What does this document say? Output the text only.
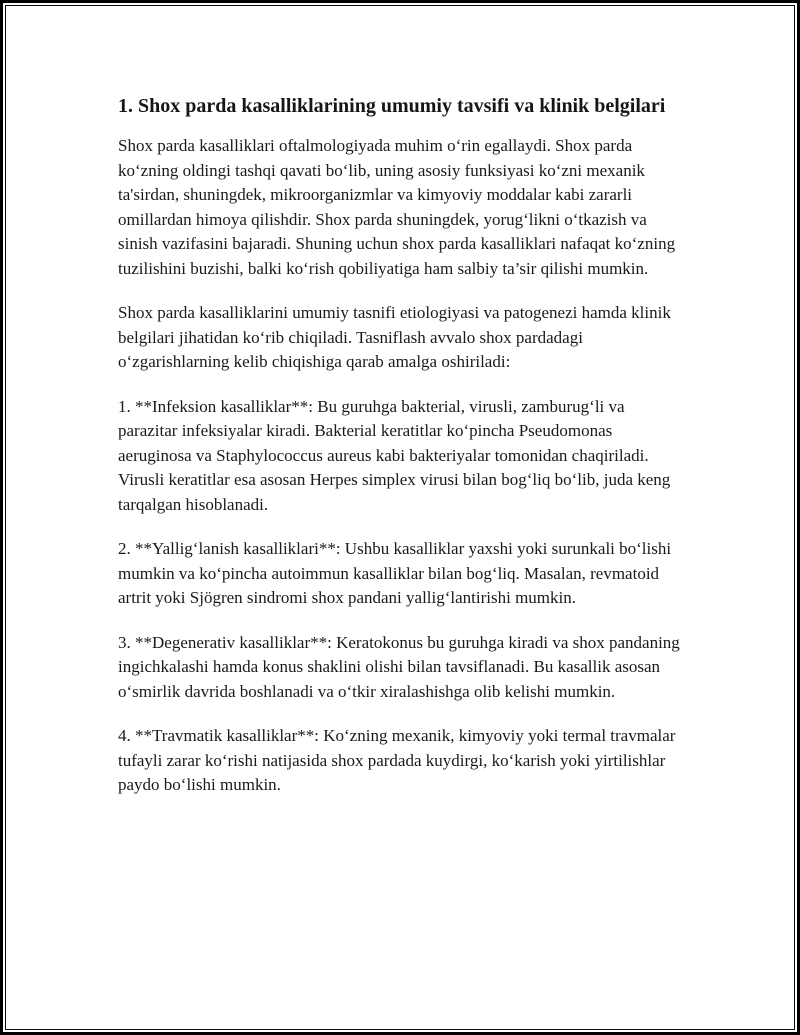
1. Shox parda kasalliklarining umumiy tavsifi va klinik belgilari

Shox parda kasalliklari oftalmologiyada muhim o‘rin egallaydi. Shox parda ko‘zning oldingi tashqi qavati bo‘lib, uning asosiy funksiyasi ko‘zni mexanik ta'sirdan, shuningdek, mikroorganizmlar va kimyoviy moddalar kabi zararli omillardan himoya qilishdir. Shox parda shuningdek, yorug‘likni o‘tkazish va sinish vazifasini bajaradi. Shuning uchun shox parda kasalliklari nafaqat ko‘zning tuzilishini buzishi, balki ko‘rish qobiliyatiga ham salbiy ta’sir qilishi mumkin.

Shox parda kasalliklarini umumiy tasnifi etiologiyasi va patogenezi hamda klinik belgilari jihatidan ko‘rib chiqiladi. Tasniflash avvalo shox pardadagi o‘zgarishlarning kelib chiqishiga qarab amalga oshiriladi:

1. **Infeksion kasalliklar**: Bu guruhga bakterial, virusli, zamburug‘li va parazitar infeksiyalar kiradi. Bakterial keratitlar ko‘pincha Pseudomonas aeruginosa va Staphylococcus aureus kabi bakteriyalar tomonidan chaqiriladi. Virusli keratitlar esa asosan Herpes simplex virusi bilan bog‘liq bo‘lib, juda keng tarqalgan hisoblanadi.

2. **Yallig‘lanish kasalliklari**: Ushbu kasalliklar yaxshi yoki surunkali bo‘lishi mumkin va ko‘pincha autoimmun kasalliklar bilan bog‘liq. Masalan, revmatoid artrit yoki Sjögren sindromi shox pandani yallig‘lantirishi mumkin.

3. **Degenerativ kasalliklar**: Keratokonus bu guruhga kiradi va shox pandaning ingichkalashi hamda konus shaklini olishi bilan tavsiflanadi. Bu kasallik asosan o‘smirlik davrida boshlanadi va o‘tkir xiralashishga olib kelishi mumkin.

4. **Travmatik kasalliklar**: Ko‘zning mexanik, kimyoviy yoki termal travmalar tufayli zarar ko‘rishi natijasida shox pardada kuydirgi, ko‘karish yoki yirtilishlar paydo bo‘lishi mumkin.
